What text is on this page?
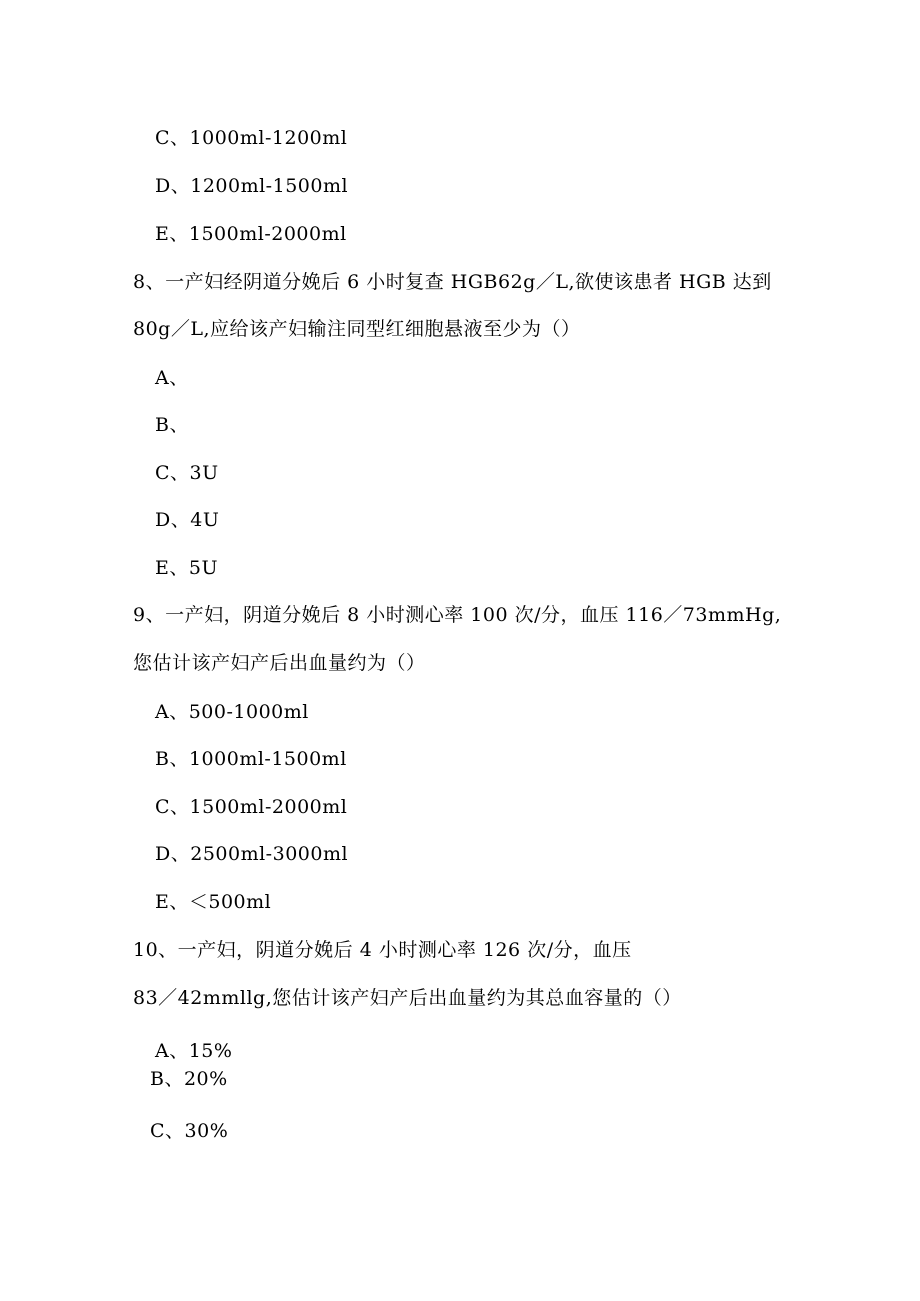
C、1000ml-1200ml
D、1200ml-1500ml
E、1500ml-2000ml
8、一产妇经阴道分娩后 6 小时复查 HGB62g／L,欲使该患者 HGB 达到
80g／L,应给该产妇输注同型红细胞悬液至少为（）
A、
B、
C、3U
D、4U
E、5U
9、一产妇，阴道分娩后 8 小时测心率 100 次/分，血压 116／73mmHg,
您估计该产妇产后出血量约为（）
A、500-1000ml
B、1000ml-1500ml
C、1500ml-2000ml
D、2500ml-3000ml
E、＜500ml
10、一产妇，阴道分娩后 4 小时测心率 126 次/分，血压
83／42mmllg,您估计该产妇产后出血量约为其总血容量的（）
A、15%
B、20%
C、30%
